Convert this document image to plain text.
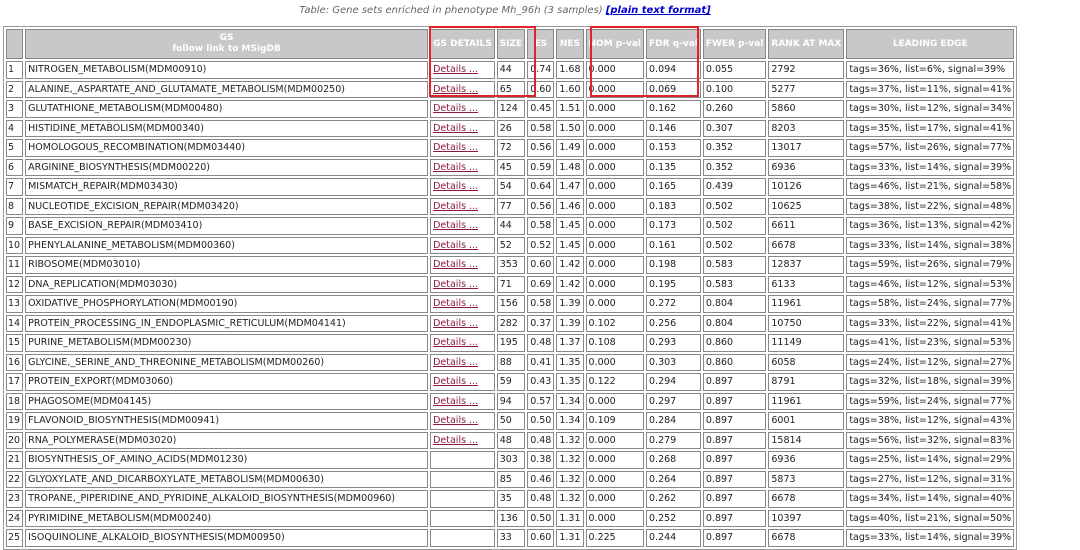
Table: Gene sets enriched in phenotype Mh_96h (3 samples) [plain text format]

	GS
follow link to MSigDB	GS DETAILS	SIZE	ES	NES	NOM p-val	FDR q-val	FWER p-val	RANK AT MAX	LEADING EDGE
1	NITROGEN_METABOLISM(MDM00910)	Details ...	44	0.74	1.68	0.000	0.094	0.055	2792	tags=36%, list=6%, signal=39%
2	ALANINE,_ASPARTATE_AND_GLUTAMATE_METABOLISM(MDM00250)	Details ...	65	0.60	1.60	0.000	0.069	0.100	5277	tags=37%, list=11%, signal=41%
3	GLUTATHIONE_METABOLISM(MDM00480)	Details ...	124	0.45	1.51	0.000	0.162	0.260	5860	tags=30%, list=12%, signal=34%
4	HISTIDINE_METABOLISM(MDM00340)	Details ...	26	0.58	1.50	0.000	0.146	0.307	8203	tags=35%, list=17%, signal=41%
5	HOMOLOGOUS_RECOMBINATION(MDM03440)	Details ...	72	0.56	1.49	0.000	0.153	0.352	13017	tags=57%, list=26%, signal=77%
6	ARGININE_BIOSYNTHESIS(MDM00220)	Details ...	45	0.59	1.48	0.000	0.135	0.352	6936	tags=33%, list=14%, signal=39%
7	MISMATCH_REPAIR(MDM03430)	Details ...	54	0.64	1.47	0.000	0.165	0.439	10126	tags=46%, list=21%, signal=58%
8	NUCLEOTIDE_EXCISION_REPAIR(MDM03420)	Details ...	77	0.56	1.46	0.000	0.183	0.502	10625	tags=38%, list=22%, signal=48%
9	BASE_EXCISION_REPAIR(MDM03410)	Details ...	44	0.58	1.45	0.000	0.173	0.502	6611	tags=36%, list=13%, signal=42%
10	PHENYLALANINE_METABOLISM(MDM00360)	Details ...	52	0.52	1.45	0.000	0.161	0.502	6678	tags=33%, list=14%, signal=38%
11	RIBOSOME(MDM03010)	Details ...	353	0.60	1.42	0.000	0.198	0.583	12837	tags=59%, list=26%, signal=79%
12	DNA_REPLICATION(MDM03030)	Details ...	71	0.69	1.42	0.000	0.195	0.583	6133	tags=46%, list=12%, signal=53%
13	OXIDATIVE_PHOSPHORYLATION(MDM00190)	Details ...	156	0.58	1.39	0.000	0.272	0.804	11961	tags=58%, list=24%, signal=77%
14	PROTEIN_PROCESSING_IN_ENDOPLASMIC_RETICULUM(MDM04141)	Details ...	282	0.37	1.39	0.102	0.256	0.804	10750	tags=33%, list=22%, signal=41%
15	PURINE_METABOLISM(MDM00230)	Details ...	195	0.48	1.37	0.108	0.293	0.860	11149	tags=41%, list=23%, signal=53%
16	GLYCINE,_SERINE_AND_THREONINE_METABOLISM(MDM00260)	Details ...	88	0.41	1.35	0.000	0.303	0.860	6058	tags=24%, list=12%, signal=27%
17	PROTEIN_EXPORT(MDM03060)	Details ...	59	0.43	1.35	0.122	0.294	0.897	8791	tags=32%, list=18%, signal=39%
18	PHAGOSOME(MDM04145)	Details ...	94	0.57	1.34	0.000	0.297	0.897	11961	tags=59%, list=24%, signal=77%
19	FLAVONOID_BIOSYNTHESIS(MDM00941)	Details ...	50	0.50	1.34	0.109	0.284	0.897	6001	tags=38%, list=12%, signal=43%
20	RNA_POLYMERASE(MDM03020)	Details ...	48	0.48	1.32	0.000	0.279	0.897	15814	tags=56%, list=32%, signal=83%
21	BIOSYNTHESIS_OF_AMINO_ACIDS(MDM01230)		303	0.38	1.32	0.000	0.268	0.897	6936	tags=25%, list=14%, signal=29%
22	GLYOXYLATE_AND_DICARBOXYLATE_METABOLISM(MDM00630)		85	0.46	1.32	0.000	0.264	0.897	5873	tags=27%, list=12%, signal=31%
23	TROPANE,_PIPERIDINE_AND_PYRIDINE_ALKALOID_BIOSYNTHESIS(MDM00960)		35	0.48	1.32	0.000	0.262	0.897	6678	tags=34%, list=14%, signal=40%
24	PYRIMIDINE_METABOLISM(MDM00240)		136	0.50	1.31	0.000	0.252	0.897	10397	tags=40%, list=21%, signal=50%
25	ISOQUINOLINE_ALKALOID_BIOSYNTHESIS(MDM00950)		33	0.60	1.31	0.225	0.244	0.897	6678	tags=33%, list=14%, signal=39%
